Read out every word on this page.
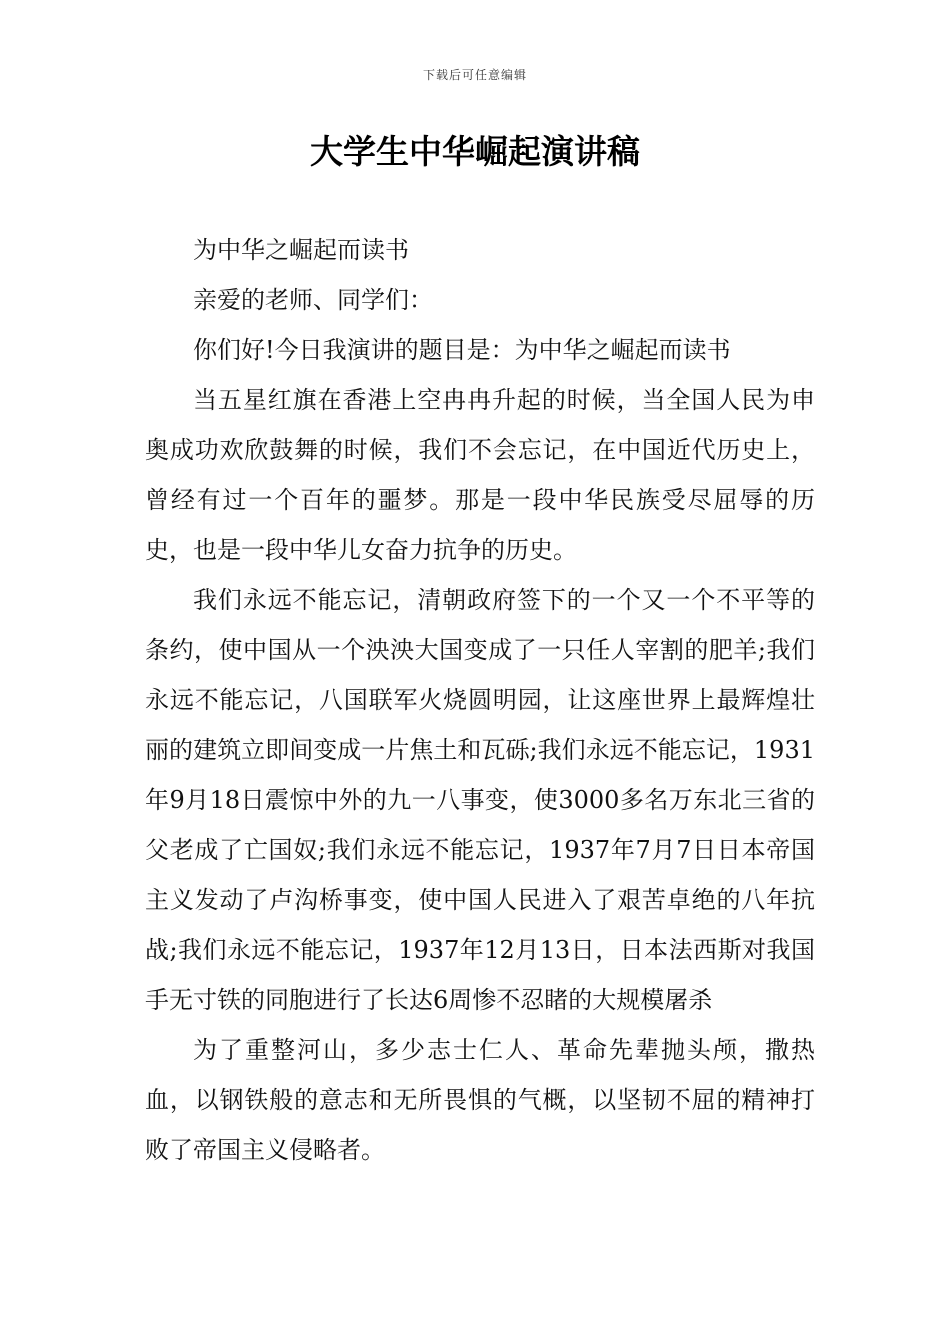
下载后可任意编辑
大学生中华崛起演讲稿

为中华之崛起而读书

亲爱的老师、同学们：

你们好!今日我演讲的题目是：为中华之崛起而读书

当五星红旗在香港上空冉冉升起的时候，当全国人民为申奥成功欢欣鼓舞的时候，我们不会忘记，在中国近代历史上，曾经有过一个百年的噩梦。那是一段中华民族受尽屈辱的历史，也是一段中华儿女奋力抗争的历史。

我们永远不能忘记，清朝政府签下的一个又一个不平等的条约，使中国从一个泱泱大国变成了一只任人宰割的肥羊;我们永远不能忘记，八国联军火烧圆明园，让这座世界上最辉煌壮丽的建筑立即间变成一片焦土和瓦砾;我们永远不能忘记，1931年9月18日震惊中外的九一八事变，使3000多名万东北三省的父老成了亡国奴;我们永远不能忘记，1937年7月7日日本帝国主义发动了卢沟桥事变，使中国人民进入了艰苦卓绝的八年抗战;我们永远不能忘记，1937年12月13日，日本法西斯对我国手无寸铁的同胞进行了长达6周惨不忍睹的大规模屠杀

为了重整河山，多少志士仁人、革命先辈抛头颅，撒热血，以钢铁般的意志和无所畏惧的气概，以坚韧不屈的精神打败了帝国主义侵略者。
